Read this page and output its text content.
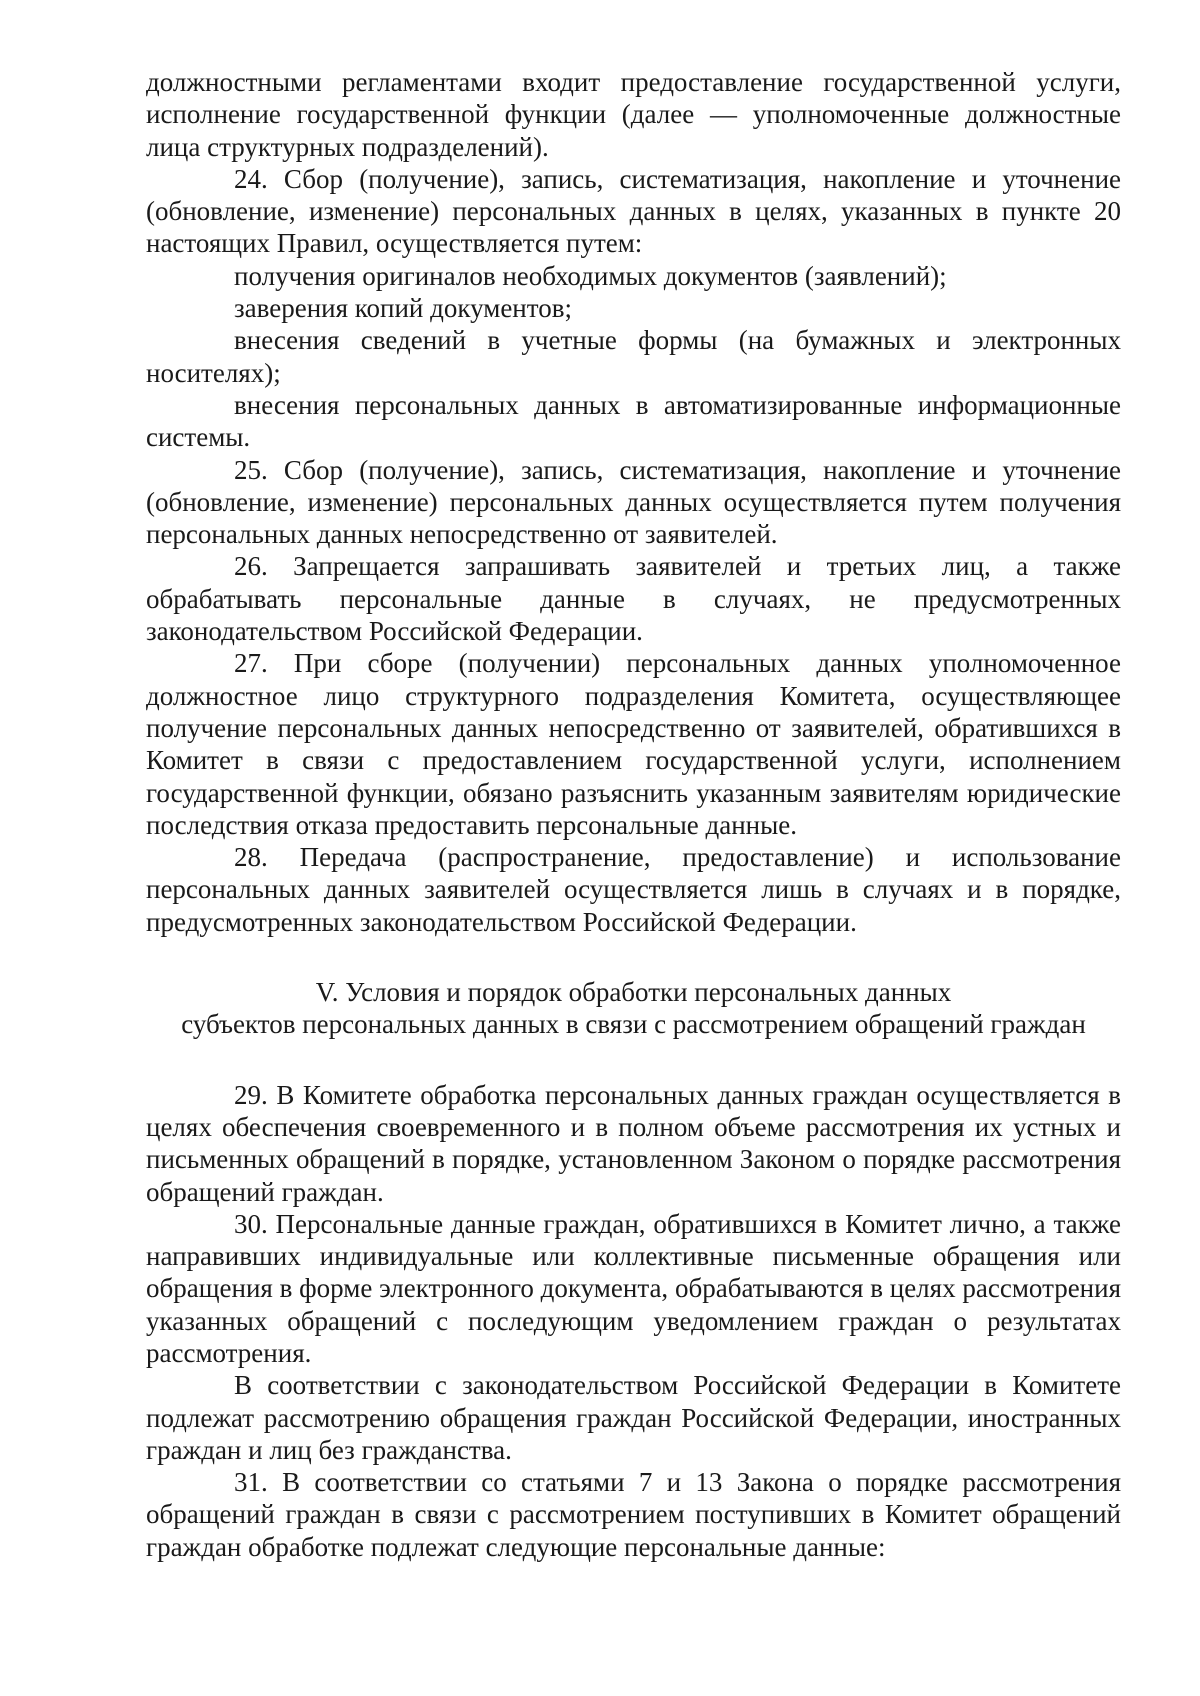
должностными регламентами входит предоставление государственной услуги, исполнение государственной функции (далее — уполномоченные должностные лица структурных подразделений).

24. Сбор (получение), запись, систематизация, накопление и уточнение (обновление, изменение) персональных данных в целях, указанных в пункте 20 настоящих Правил, осуществляется путем:

получения оригиналов необходимых документов (заявлений);

заверения копий документов;

внесения сведений в учетные формы (на бумажных и электронных носителях);

внесения персональных данных в автоматизированные информационные системы.

25. Сбор (получение), запись, систематизация, накопление и уточнение (обновление, изменение) персональных данных осуществляется путем получения персональных данных непосредственно от заявителей.

26. Запрещается запрашивать заявителей и третьих лиц, а также обрабатывать персональные данные в случаях, не предусмотренных законодательством Российской Федерации.

27. При сборе (получении) персональных данных уполномоченное должностное лицо структурного подразделения Комитета, осуществляющее получение персональных данных непосредственно от заявителей, обратившихся в Комитет в связи с предоставлением государственной услуги, исполнением государственной функции, обязано разъяснить указанным заявителям юридические последствия отказа предоставить персональные данные.

28. Передача (распространение, предоставление) и использование персональных данных заявителей осуществляется лишь в случаях и в порядке, предусмотренных законодательством Российской Федерации.

V. Условия и порядок обработки персональных данных
субъектов персональных данных в связи с рассмотрением обращений граждан

29. В Комитете обработка персональных данных граждан осуществляется в целях обеспечения своевременного и в полном объеме рассмотрения их устных и письменных обращений в порядке, установленном Законом о порядке рассмотрения обращений граждан.

30. Персональные данные граждан, обратившихся в Комитет лично, а также направивших индивидуальные или коллективные письменные обращения или обращения в форме электронного документа, обрабатываются в целях рассмотрения указанных обращений с последующим уведомлением граждан о результатах рассмотрения.

В соответствии с законодательством Российской Федерации в Комитете подлежат рассмотрению обращения граждан Российской Федерации, иностранных граждан и лиц без гражданства.

31. В соответствии со статьями 7 и 13 Закона о порядке рассмотрения обращений граждан в связи с рассмотрением поступивших в Комитет обращений граждан обработке подлежат следующие персональные данные:
